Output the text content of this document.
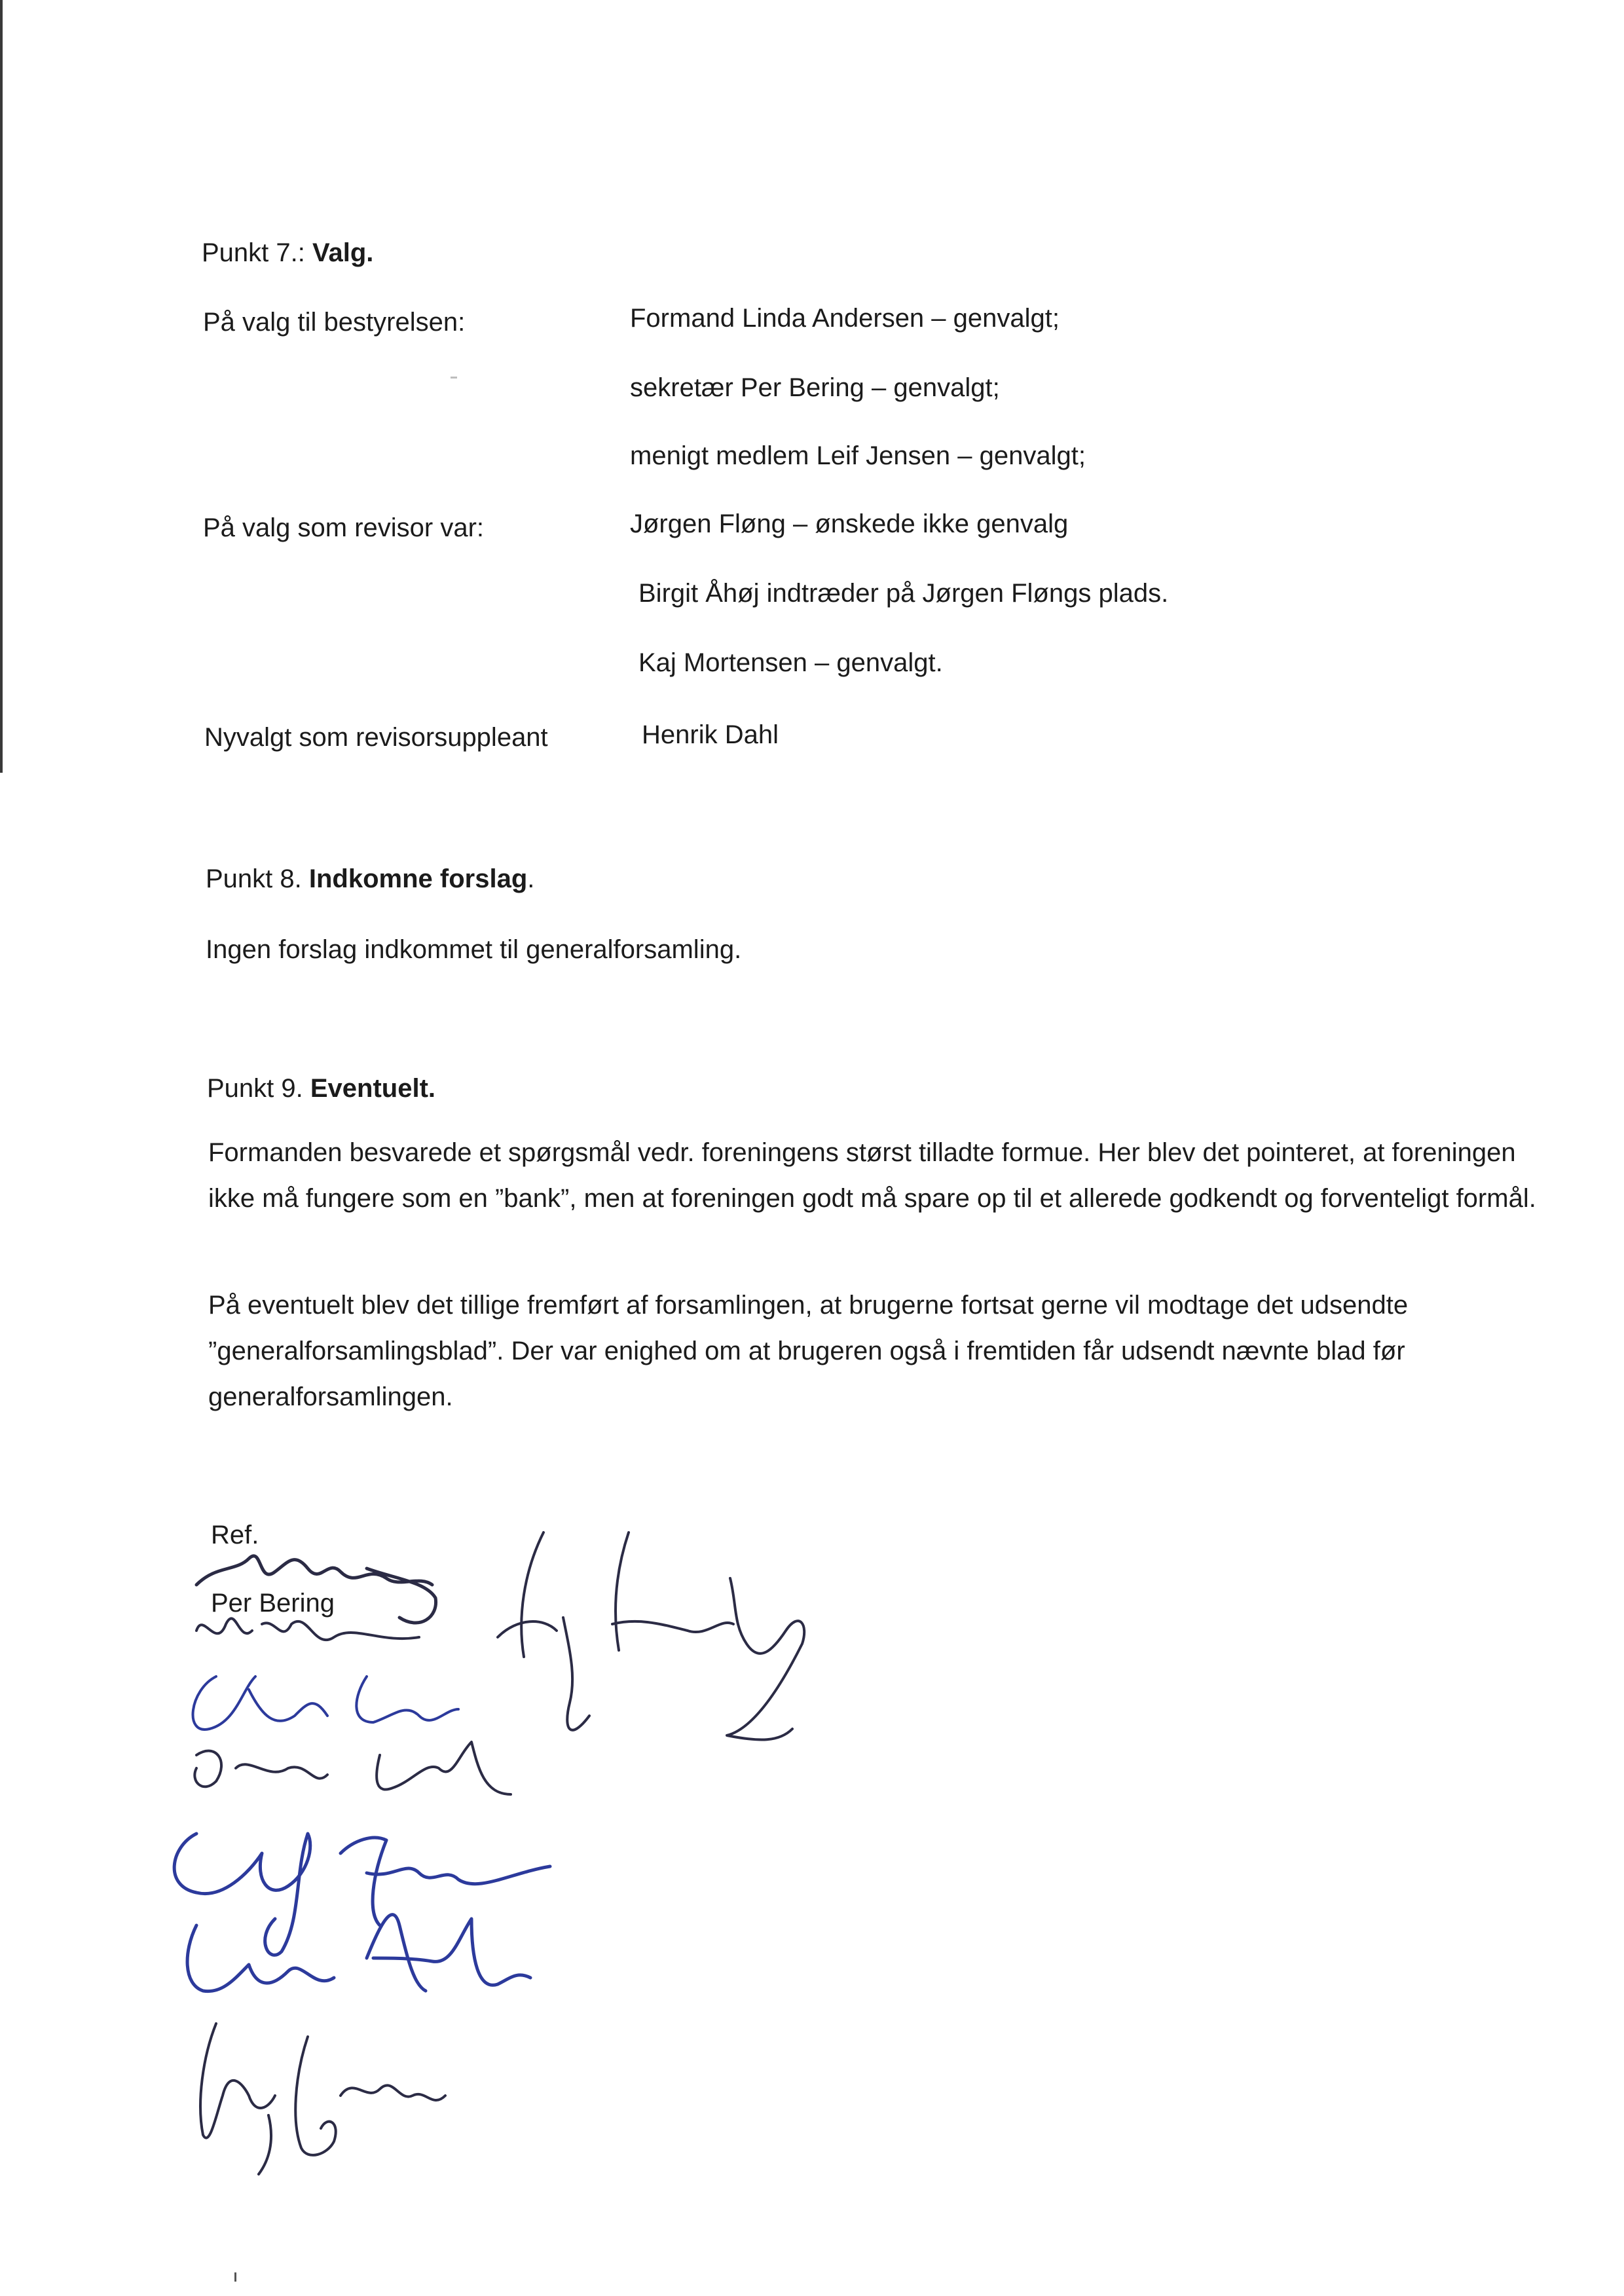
Punkt 7.: Valg.
På valg til bestyrelsen:	Formand Linda Andersen – genvalgt;
sekretær Per Bering – genvalgt;
menigt medlem Leif Jensen – genvalgt;
På valg som revisor var:	Jørgen Fløng – ønskede ikke genvalg
Birgit Åhøj indtræder på Jørgen Fløngs plads.
Kaj Mortensen – genvalgt.
Nyvalgt som revisorsuppleant	Henrik Dahl
Punkt 8. Indkomne forslag.
Ingen forslag indkommet til generalforsamling.
Punkt 9. Eventuelt.
Formanden besvarede et spørgsmål vedr. foreningens størst tilladte formue. Her blev det pointeret, at foreningen ikke må fungere som en ”bank”, men at foreningen godt må spare op til et allerede godkendt og forventeligt formål.
På eventuelt blev det tillige fremført af forsamlingen, at brugerne fortsat gerne vil modtage det udsendte ”generalforsamlingsblad”. Der var enighed om at brugeren også i fremtiden får udsendt nævnte blad før generalforsamlingen.
Ref.
Per Bering
